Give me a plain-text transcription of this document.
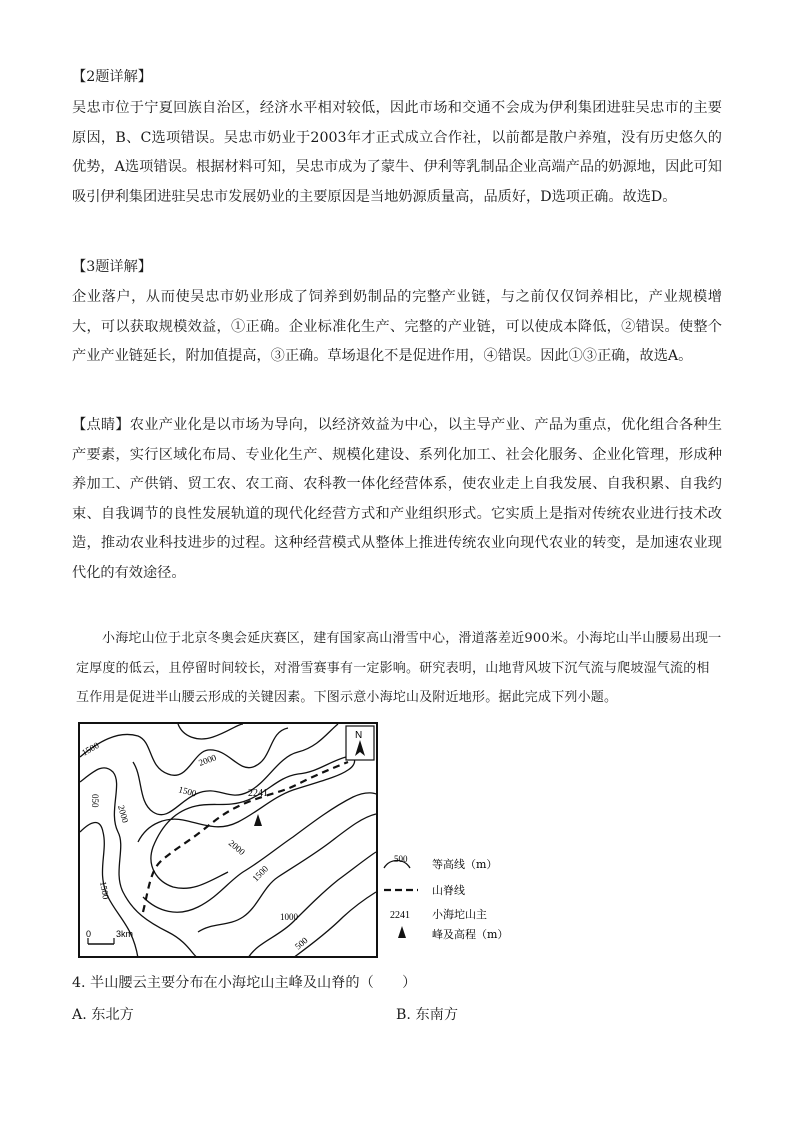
【2题详解】

吴忠市位于宁夏回族自治区，经济水平相对较低，因此市场和交通不会成为伊利集团进驻吴忠市的主要原因，B、C选项错误。吴忠市奶业于2003年才正式成立合作社，以前都是散户养殖，没有历史悠久的优势，A选项错误。根据材料可知，吴忠市成为了蒙牛、伊利等乳制品企业高端产品的奶源地，因此可知吸引伊利集团进驻吴忠市发展奶业的主要原因是当地奶源质量高，品质好，D选项正确。故选D。

【3题详解】

企业落户，从而使吴忠市奶业形成了饲养到奶制品的完整产业链，与之前仅仅饲养相比，产业规模增大，可以获取规模效益，①正确。企业标准化生产、完整的产业链，可以使成本降低，②错误。使整个产业产业链延长，附加值提高，③正确。草场退化不是促进作用，④错误。因此①③正确，故选A。

【点睛】农业产业化是以市场为导向，以经济效益为中心，以主导产业、产品为重点，优化组合各种生产要素，实行区域化布局、专业化生产、规模化建设、系列化加工、社会化服务、企业化管理，形成种养加工、产供销、贸工农、农工商、农科教一体化经营体系，使农业走上自我发展、自我积累、自我约束、自我调节的良性发展轨道的现代化经营方式和产业组织形式。它实质上是指对传统农业进行技术改造，推动农业科技进步的过程。这种经营模式从整体上推进传统农业向现代农业的转变，是加速农业现代化的有效途径。

小海坨山位于北京冬奥会延庆赛区，建有国家高山滑雪中心，滑道落差近900米。小海坨山半山腰易出现一定厚度的低云，且停留时间较长，对滑雪赛事有一定影响。研究表明，山地背风坡下沉气流与爬坡湿气流的相互作用是促进半山腰云形成的关键因素。下图示意小海坨山及附近地形。据此完成下列小题。

2241
N
1500
2000
1500
2000
050
2000
1500
1500
1000
500
0	3km
500 等高线（m）
山脊线
2241 小海坨山主
峰及高程（m）

4. 半山腰云主要分布在小海坨山主峰及山脊的（　　）

A. 东北方	B. 东南方
